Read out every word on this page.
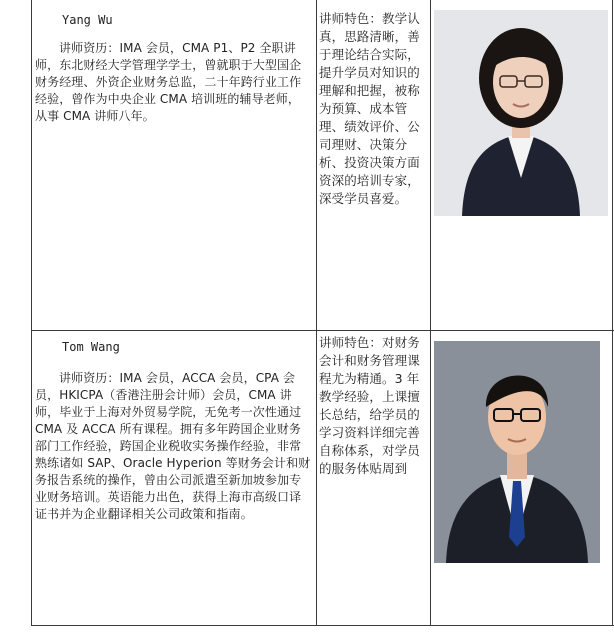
Yang Wu
讲师资历：IMA 会员，CMA P1、P2 全职讲师，东北财经大学管理学学士，曾就职于大型国企财务经理、外资企业财务总监，二十年跨行业工作经验，曾作为中央企业 CMA 培训班的辅导老师，从事 CMA 讲师八年。
讲师特色：教学认真，思路清晰，善于理论结合实际，提升学员对知识的理解和把握，被称为预算、成本管理、绩效评价、公司理财、决策分析、投资决策方面资深的培训专家，深受学员喜爱。
Tom Wang
讲师资历：IMA 会员，ACCA 会员，CPA 会员，HKICPA（香港注册会计师）会员，CMA 讲师，毕业于上海对外贸易学院，无免考一次性通过 CMA 及 ACCA 所有课程。拥有多年跨国企业财务部门工作经验，跨国企业税收实务操作经验，非常熟练诸如 SAP、Oracle Hyperion 等财务会计和财务报告系统的操作，曾由公司派遣至新加坡参加专业财务培训。英语能力出色，获得上海市高级口译证书并为企业翻译相关公司政策和指南。
讲师特色：对财务会计和财务管理课程尤为精通。3 年教学经验，上课擅长总结，给学员的学习资料详细完善自称体系，对学员的服务体贴周到
